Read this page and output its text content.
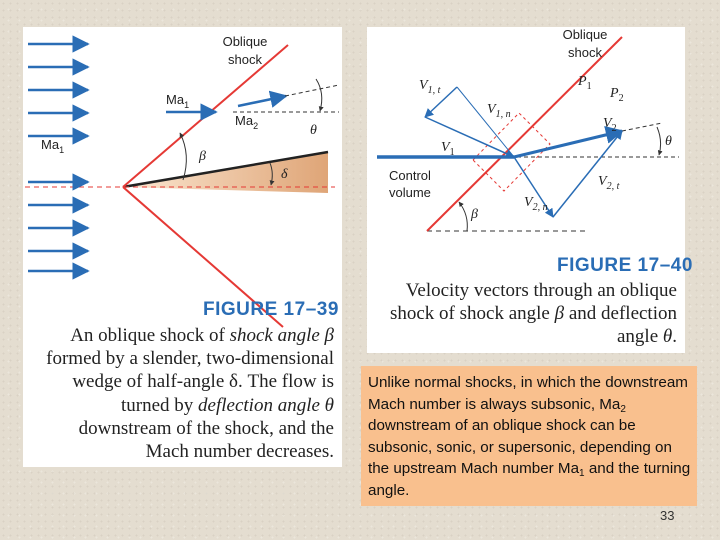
Oblique
shock
$Ma_1$
$Ma_2$
$Ma_1$	β
δ
θ
FIGURE 17–39
An oblique shock of shock angle β
formed by a slender, two-dimensional
wedge of half-angle δ. The flow is
turned by deflection angle θ
downstream of the shock, and the
Mach number decreases.
Oblique
shock
$P_1$ $P_2$
$V_{1, t}$
$V_{1, n}$
$V_1$
$V_2$
$V_{2, t}$
$V_{2, n}$
θ
β
Control
volume
FIGURE 17–40
Velocity vectors through an oblique
shock of shock angle β and deflection
angle θ.
Unlike normal shocks, in which the downstream Mach number is always subsonic, $Ma_2$ downstream of an oblique shock can be subsonic, sonic, or supersonic, depending on the upstream Mach number $Ma_1$ and the turning angle.
33
